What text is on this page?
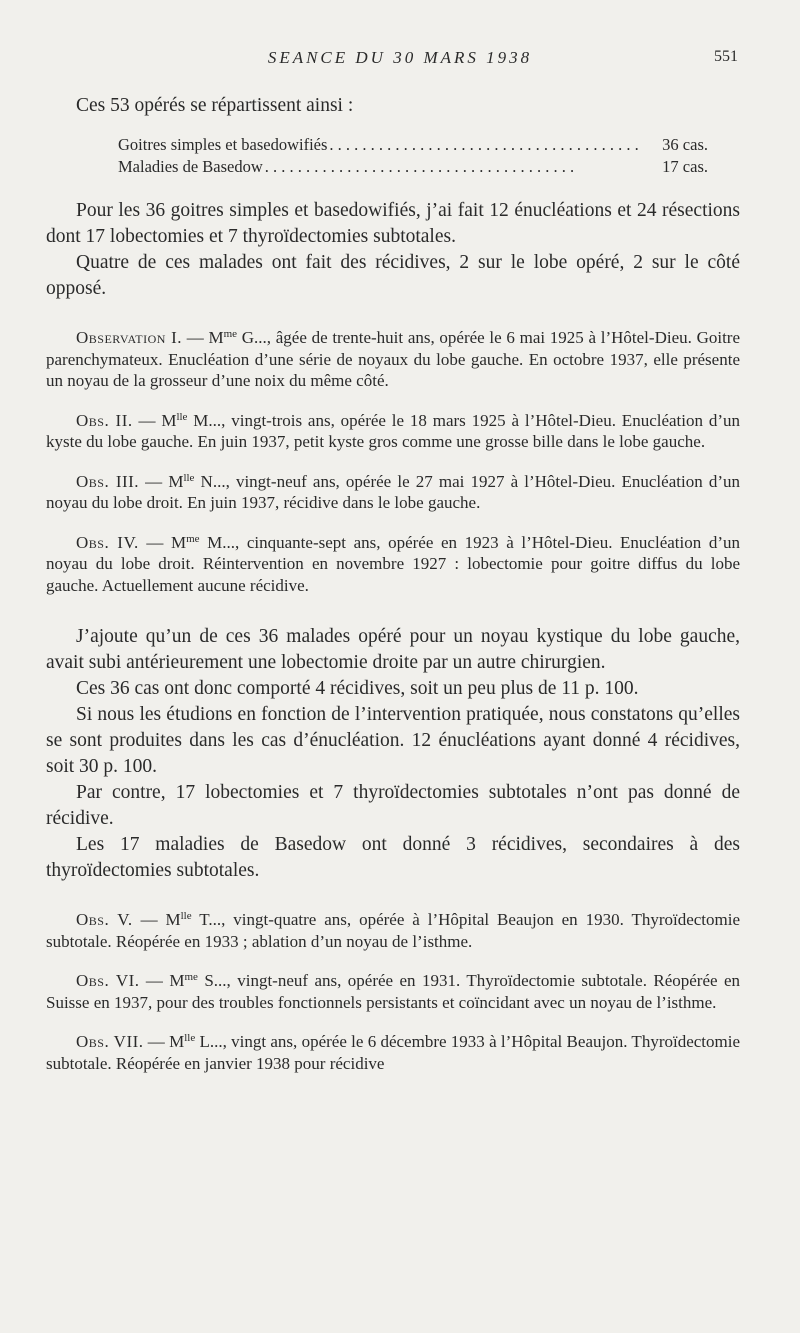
SEANCE DU 30 MARS 1938	551

Ces 53 opérés se répartissent ainsi :

Goitres simples et basedowifiés . . .	36 cas.
Maladies de Basedow . . .	17 cas.

Pour les 36 goitres simples et basedowifiés, j’ai fait 12 énucléations et 24 résections dont 17 lobectomies et 7 thyroïdectomies subtotales.

Quatre de ces malades ont fait des récidives, 2 sur le lobe opéré, 2 sur le côté opposé.

Observation I. — $M^{me}$ G..., âgée de trente-huit ans, opérée le 6 mai 1925 à l’Hôtel-Dieu. Goitre parenchymateux. Enucléation d’une série de noyaux du lobe gauche. En octobre 1937, elle présente un noyau de la grosseur d’une noix du même côté.

Obs. II. — $M^{lle}$ M..., vingt-trois ans, opérée le 18 mars 1925 à l’Hôtel-Dieu. Enucléation d’un kyste du lobe gauche. En juin 1937, petit kyste gros comme une grosse bille dans le lobe gauche.

Obs. III. — $M^{lle}$ N..., vingt-neuf ans, opérée le 27 mai 1927 à l’Hôtel-Dieu. Enucléation d’un noyau du lobe droit. En juin 1937, récidive dans le lobe gauche.

Obs. IV. — $M^{me}$ M..., cinquante-sept ans, opérée en 1923 à l’Hôtel-Dieu. Enucléation d’un noyau du lobe droit. Réintervention en novembre 1927 : lobectomie pour goitre diffus du lobe gauche. Actuellement aucune récidive.

J’ajoute qu’un de ces 36 malades opéré pour un noyau kystique du lobe gauche, avait subi antérieurement une lobectomie droite par un autre chirurgien.

Ces 36 cas ont donc comporté 4 récidives, soit un peu plus de 11 p. 100.

Si nous les étudions en fonction de l’intervention pratiquée, nous constatons qu’elles se sont produites dans les cas d’énucléation. 12 énucléations ayant donné 4 récidives, soit 30 p. 100.

Par contre, 17 lobectomies et 7 thyroïdectomies subtotales n’ont pas donné de récidive.

Les 17 maladies de Basedow ont donné 3 récidives, secondaires à des thyroïdectomies subtotales.

Obs. V. — $M^{lle}$ T..., vingt-quatre ans, opérée à l’Hôpital Beaujon en 1930. Thyroïdectomie subtotale. Réopérée en 1933 ; ablation d’un noyau de l’isthme.

Obs. VI. — $M^{me}$ S..., vingt-neuf ans, opérée en 1931. Thyroïdectomie subtotale. Réopérée en Suisse en 1937, pour des troubles fonctionnels persistants et coïncidant avec un noyau de l’isthme.

Obs. VII. — $M^{lle}$ L..., vingt ans, opérée le 6 décembre 1933 à l’Hôpital Beaujon. Thyroïdectomie subtotale. Réopérée en janvier 1938 pour récidive
